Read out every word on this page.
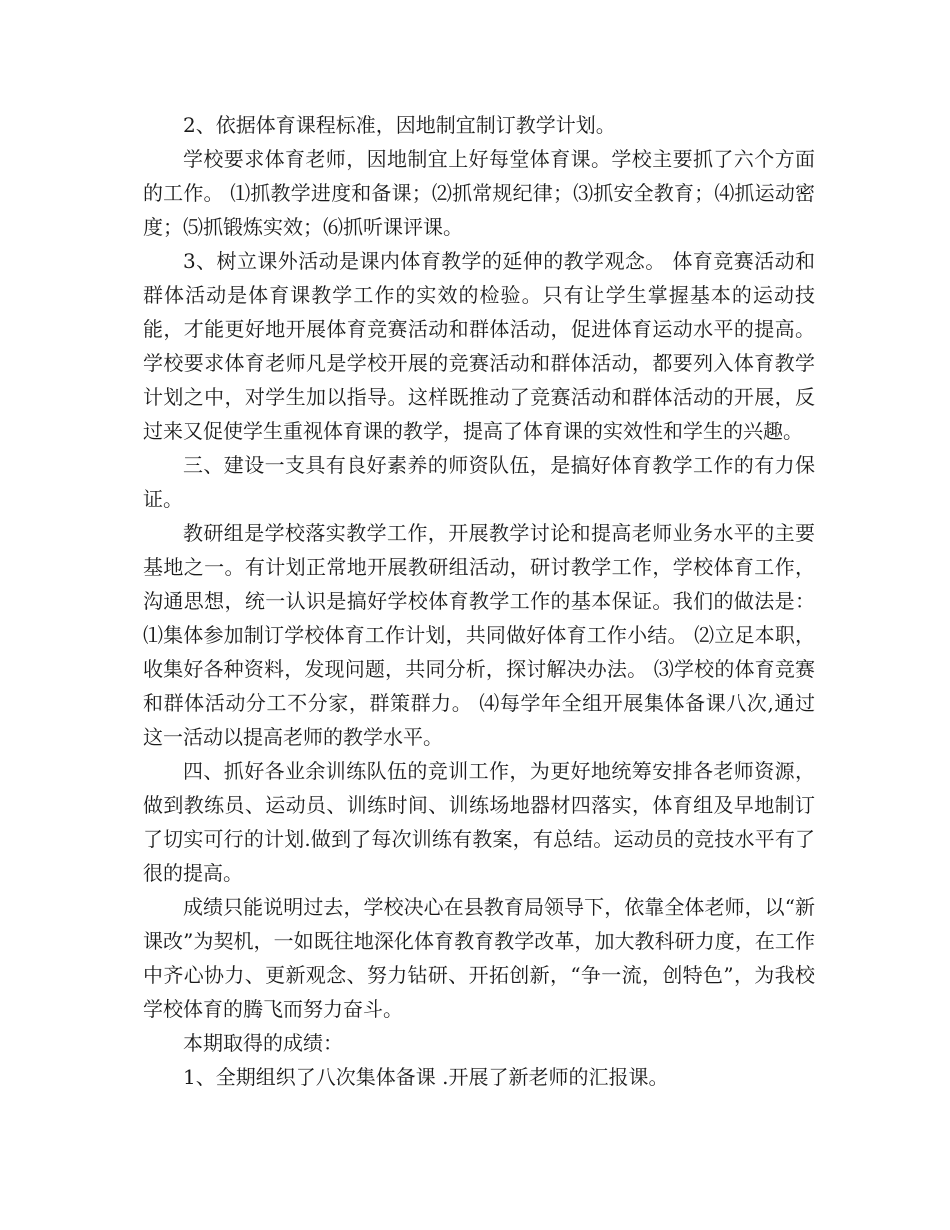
2、依据体育课程标准，因地制宜制订教学计划。

学校要求体育老师，因地制宜上好每堂体育课。学校主要抓了六个方面的工作。 ⑴抓教学进度和备课；⑵抓常规纪律；⑶抓安全教育；⑷抓运动密度；⑸抓锻炼实效；⑹抓听课评课。

3、树立课外活动是课内体育教学的延伸的教学观念。 体育竞赛活动和群体活动是体育课教学工作的实效的检验。只有让学生掌握基本的运动技能，才能更好地开展体育竞赛活动和群体活动，促进体育运动水平的提高。学校要求体育老师凡是学校开展的竞赛活动和群体活动，都要列入体育教学计划之中，对学生加以指导。这样既推动了竞赛活动和群体活动的开展，反过来又促使学生重视体育课的教学，提高了体育课的实效性和学生的兴趣。

三、建设一支具有良好素养的师资队伍，是搞好体育教学工作的有力保证。

教研组是学校落实教学工作，开展教学讨论和提高老师业务水平的主要基地之一。有计划正常地开展教研组活动，研讨教学工作，学校体育工作，沟通思想，统一认识是搞好学校体育教学工作的基本保证。我们的做法是： ⑴集体参加制订学校体育工作计划，共同做好体育工作小结。 ⑵立足本职，收集好各种资料，发现问题，共同分析，探讨解决办法。 ⑶学校的体育竞赛和群体活动分工不分家，群策群力。 ⑷每学年全组开展集体备课八次,通过这一活动以提高老师的教学水平。

四、抓好各业余训练队伍的竞训工作，为更好地统筹安排各老师资源，做到教练员、运动员、训练时间、训练场地器材四落实，体育组及早地制订了切实可行的计划.做到了每次训练有教案，有总结。运动员的竞技水平有了很的提高。

成绩只能说明过去，学校决心在县教育局领导下，依靠全体老师，以“新课改”为契机，一如既往地深化体育教育教学改革，加大教科研力度，在工作中齐心协力、更新观念、努力钻研、开拓创新，“争一流，创特色”，为我校学校体育的腾飞而努力奋斗。

本期取得的成绩：

1、全期组织了八次集体备课 .开展了新老师的汇报课。
